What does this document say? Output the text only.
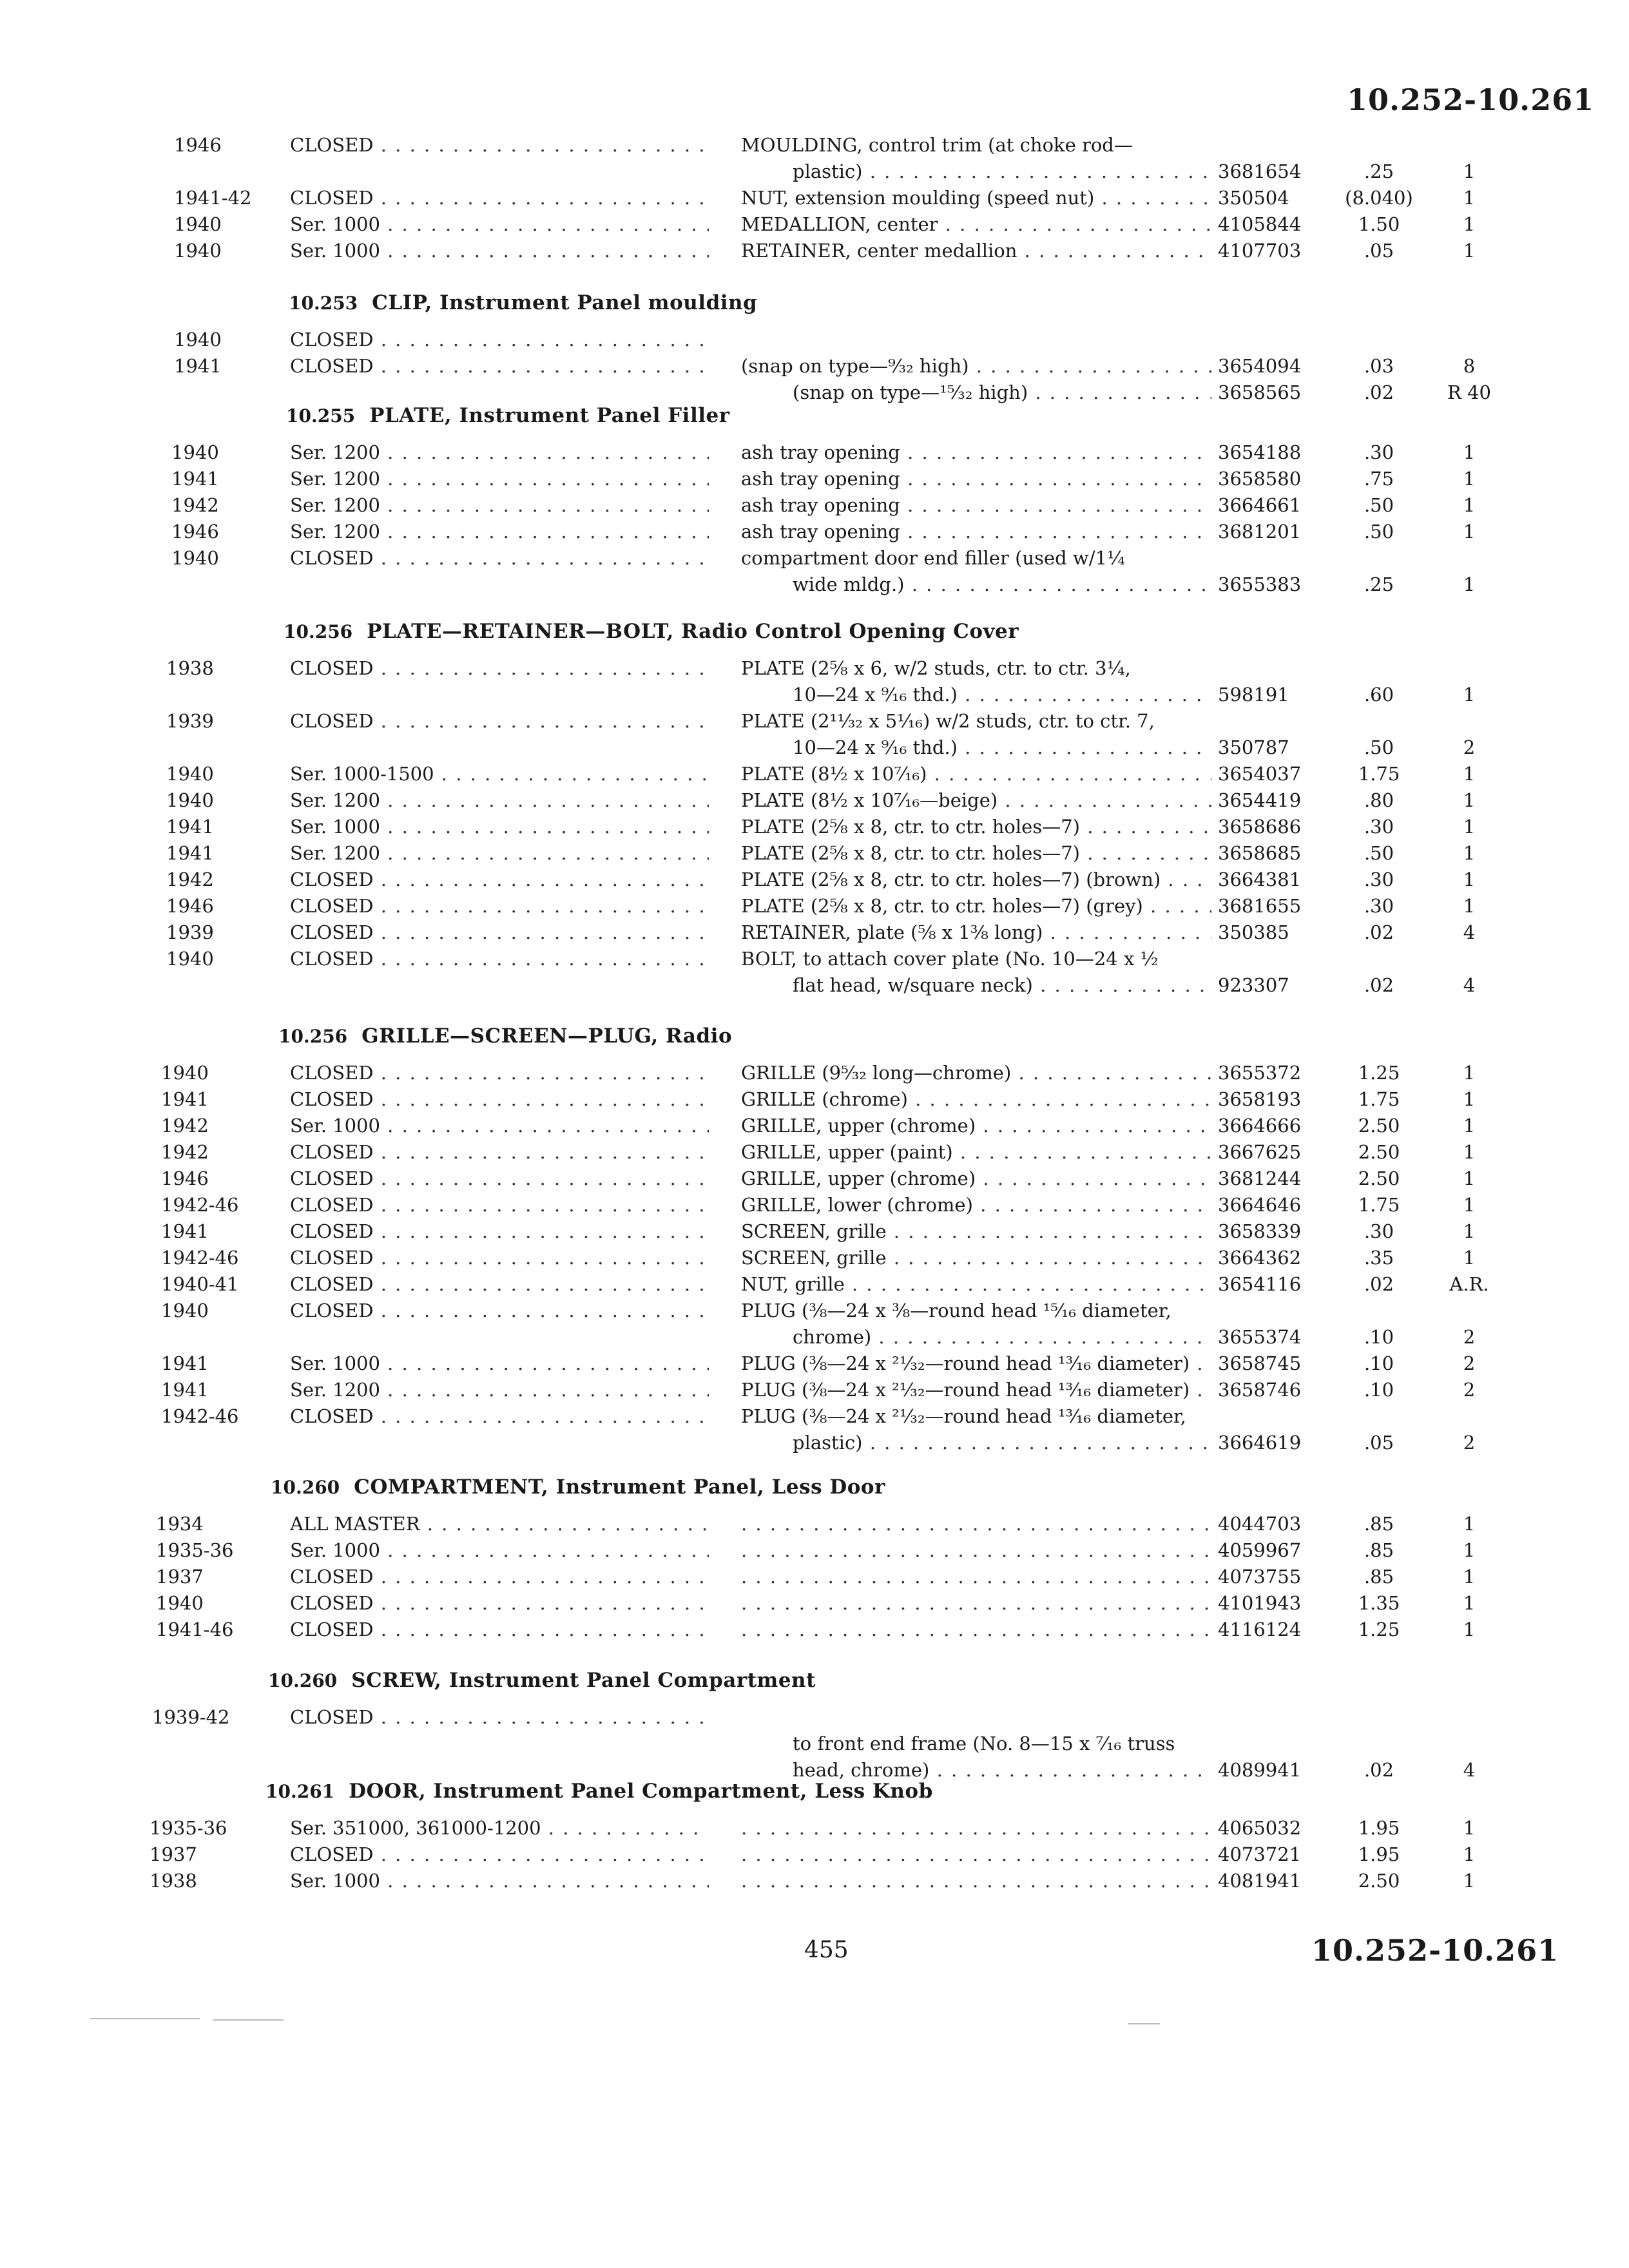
10.252-10.261
1946	CLOSED . . .	MOULDING, control trim (at choke rod—
plastic) . . .	3681654	.25	1
1941-42 CLOSED . . .	NUT, extension moulding (speed nut) . . .	350504	(8.040)	1
1940	Ser. 1000 . . .	MEDALLION, center . . .	4105844	1.50	1
1940	Ser. 1000 . . .	RETAINER, center medallion . . .	4107703	.05	1
10.253 CLIP, Instrument Panel moulding
1940	CLOSED . . .
1941	CLOSED . . .	(snap on type—⁹⁄₃₂ high) . . .	3654094	.03	8
(snap on type—¹⁵⁄₃₂ high) . . .	3658565	.02	R 40
10.255 PLATE, Instrument Panel Filler
1940	Ser. 1200 . . .	ash tray opening . . .	3654188	.30	1
1941	Ser. 1200 . . .	ash tray opening . . .	3658580	.75	1
1942	Ser. 1200 . . .	ash tray opening . . .	3664661	.50	1
1946	Ser. 1200 . . .	ash tray opening . . .	3681201	.50	1
1940	CLOSED . . .	compartment door end filler (used w/1¼
wide mldg.) . . .	3655383	.25	1
10.256 PLATE—RETAINER—BOLT, Radio Control Opening Cover
1938	CLOSED . . .	PLATE (2⅝ x 6, w/2 studs, ctr. to ctr. 3¼,
10—24 x ⁹⁄₁₆ thd.) . . .	598191	.60	1
1939	CLOSED . . .	PLATE (2¹¹⁄₃₂ x 5¹⁄₁₆) w/2 studs, ctr. to ctr. 7,
10—24 x ⁹⁄₁₆ thd.) . . .	350787	.50	2
1940	Ser. 1000-1500 . . .	PLATE (8½ x 10⁷⁄₁₆) . . .	3654037	1.75	1
1940	Ser. 1200 . . .	PLATE (8½ x 10⁷⁄₁₆—beige) . . .	3654419	.80	1
1941	Ser. 1000 . . .	PLATE (2⅝ x 8, ctr. to ctr. holes—7) . . .	3658686	.30	1
1941	Ser. 1200 . . .	PLATE (2⅝ x 8, ctr. to ctr. holes—7) . . .	3658685	.50	1
1942	CLOSED . . .	PLATE (2⅝ x 8, ctr. to ctr. holes—7) (brown) . . .	3664381	.30	1
1946	CLOSED . . .	PLATE (2⅝ x 8, ctr. to ctr. holes—7) (grey) . . .	3681655	.30	1
1939	CLOSED . . .	RETAINER, plate (⅝ x 1⅜ long) . . .	350385	.02	4
1940	CLOSED . . .	BOLT, to attach cover plate (No. 10—24 x ½
flat head, w/square neck) . . .	923307	.02	4
10.256 GRILLE—SCREEN—PLUG, Radio
1940	CLOSED . . .	GRILLE (9⁵⁄₃₂ long—chrome) . . .	3655372	1.25	1
1941	CLOSED . . .	GRILLE (chrome) . . .	3658193	1.75	1
1942	Ser. 1000 . . .	GRILLE, upper (chrome) . . .	3664666	2.50	1
1942	CLOSED . . .	GRILLE, upper (paint) . . .	3667625	2.50	1
1946	CLOSED . . .	GRILLE, upper (chrome) . . .	3681244	2.50	1
1942-46	CLOSED . . .	GRILLE, lower (chrome) . . .	3664646	1.75	1
1941	CLOSED . . .	SCREEN, grille . . .	3658339	.30	1
1942-46	CLOSED . . .	SCREEN, grille . . .	3664362	.35	1
1940-41	CLOSED . . .	NUT, grille . . .	3654116	.02	A.R.
1940	CLOSED . . .	PLUG (⅜—24 x ⅜—round head ¹⁵⁄₁₆ diameter,
chrome) . . .	3655374	.10	2
1941	Ser. 1000 . . .	PLUG (⅜—24 x ²¹⁄₃₂—round head ¹³⁄₁₆ diameter) . . .	3658745	.10	2
1941	Ser. 1200 . . .	PLUG (⅜—24 x ²¹⁄₃₂—round head ¹³⁄₁₆ diameter) . . .	3658746	.10	2
1942-46	CLOSED . . .	PLUG (⅜—24 x ²¹⁄₃₂—round head ¹³⁄₁₆ diameter,
plastic) . . .	3664619	.05	2
10.260 COMPARTMENT, Instrument Panel, Less Door
1934	ALL MASTER . . . . . .	4044703	.85	1
1935-36	Ser. 1000 . . . . . .	4059967	.85	1
1937	CLOSED . . . . . .	4073755	.85	1
1940	CLOSED . . . . . .	4101943	1.35	1
1941-46	CLOSED . . . . . .	4116124	1.25	1
10.260 SCREW, Instrument Panel Compartment
1939-42	CLOSED . . .
to front end frame (No. 8—15 x ⁷⁄₁₆ truss
head, chrome) . . .	4089941	.02	4
10.261 DOOR, Instrument Panel Compartment, Less Knob
1935-36	Ser. 351000, 361000-1200 . . . . . .	4065032	1.95	1
1937	CLOSED . . . . . .	4073721	1.95	1
1938	Ser. 1000 . . . . . .	4081941	2.50	1
455	10.252-10.261
